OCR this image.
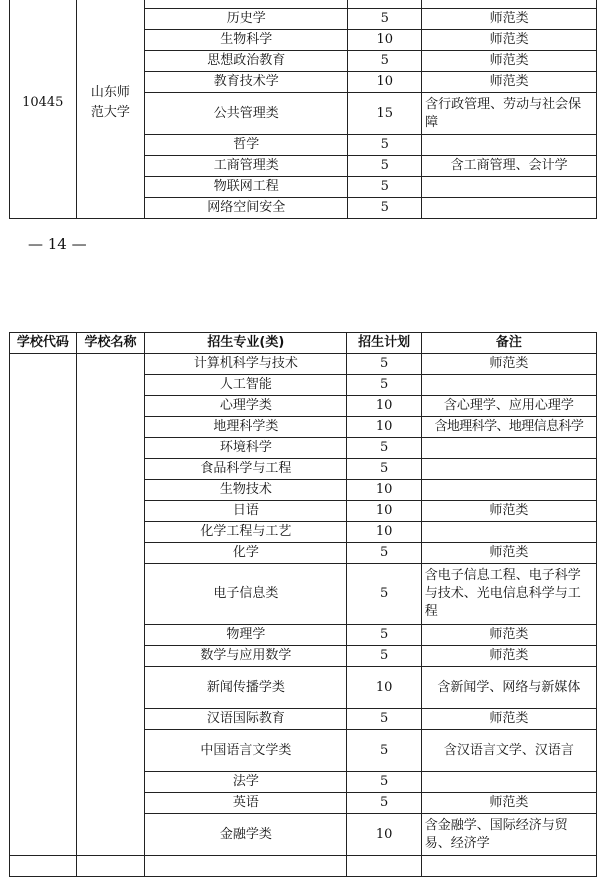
10445	山东师范大学			
		历史学	5	师范类
		生物科学	10	师范类
		思想政治教育	5	师范类
		教育技术学	10	师范类
		公共管理类	15	含行政管理、劳动与社会保障
		哲学	5	
		工商管理类	5	含工商管理、会计学
		物联网工程	5	
		网络空间安全	5	
— 14 —
学校代码	学校名称	招生专业(类)	招生计划	备注
		计算机科学与技术	5	师范类
		人工智能	5	
		心理学类	10	含心理学、应用心理学
		地理科学类	10	含地理科学、地理信息科学
		环境科学	5	
		食品科学与工程	5	
		生物技术	10	
		日语	10	师范类
		化学工程与工艺	10	
		化学	5	师范类
		电子信息类	5	含电子信息工程、电子科学与技术、光电信息科学与工程
		物理学	5	师范类
		数学与应用数学	5	师范类
		新闻传播学类	10	含新闻学、网络与新媒体
		汉语国际教育	5	师范类
		中国语言文学类	5	含汉语言文学、汉语言
		法学	5	
		英语	5	师范类
		金融学类	10	含金融学、国际经济与贸易、经济学
